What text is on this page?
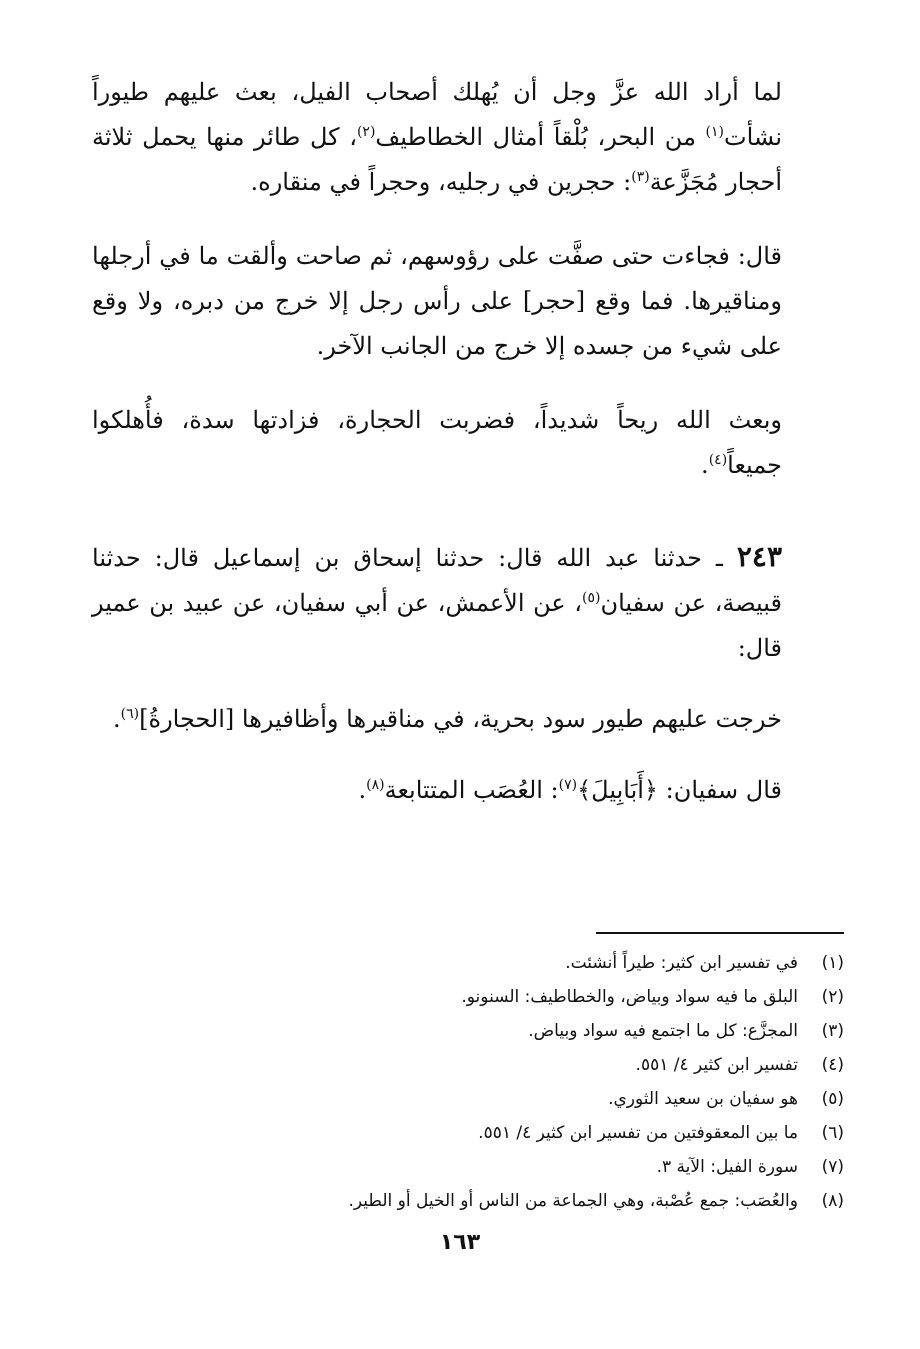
لما أراد الله عزَّ وجل أن يُهلك أصحاب الفيل، بعث عليهم طيوراً نشأت$^{(١)}$ من البحر، بُلْقاً أمثال الخطاطيف$^{(٢)}$، كل طائر منها يحمل ثلاثة أحجار مُجَزَّعة$^{(٣)}$: حجرين في رجليه، وحجراً في منقاره.

قال: فجاءت حتى صفَّت على رؤوسهم، ثم صاحت وألقت ما في أرجلها ومناقيرها. فما وقع [حجر] على رأس رجل إلا خرج من دبره، ولا وقع على شيء من جسده إلا خرج من الجانب الآخر.

وبعث الله ريحاً شديداً، فضربت الحجارة، فزادتها سدة، فأُهلكوا جميعاً$^{(٤)}$.

٢٤٣ ـ حدثنا عبد الله قال: حدثنا إسحاق بن إسماعيل قال: حدثنا قبيصة، عن سفيان$^{(٥)}$، عن الأعمش، عن أبي سفيان، عن عبيد بن عمير قال:

خرجت عليهم طيور سود بحرية، في مناقيرها وأظافيرها [الحجارةُ]$^{(٦)}$.

قال سفيان: ﴿أَبَابِيلَ﴾$^{(٧)}$: العُصَب المتتابعة$^{(٨)}$.

(١)في تفسير ابن كثير: طيراً أنشئت.

(٢)البلق ما فيه سواد وبياض، والخطاطيف: السنونو.

(٣)المجزَّع: كل ما اجتمع فيه سواد وبياض.

(٤)تفسير ابن كثير ٤/ ٥٥١.

(٥)هو سفيان بن سعيد الثوري.

(٦)ما بين المعقوفتين من تفسير ابن كثير ٤/ ٥٥١.

(٧)سورة الفيل: الآية ٣.

(٨)والعُصَب: جمع عُصْبة، وهي الجماعة من الناس أو الخيل أو الطير.

١٦٣
